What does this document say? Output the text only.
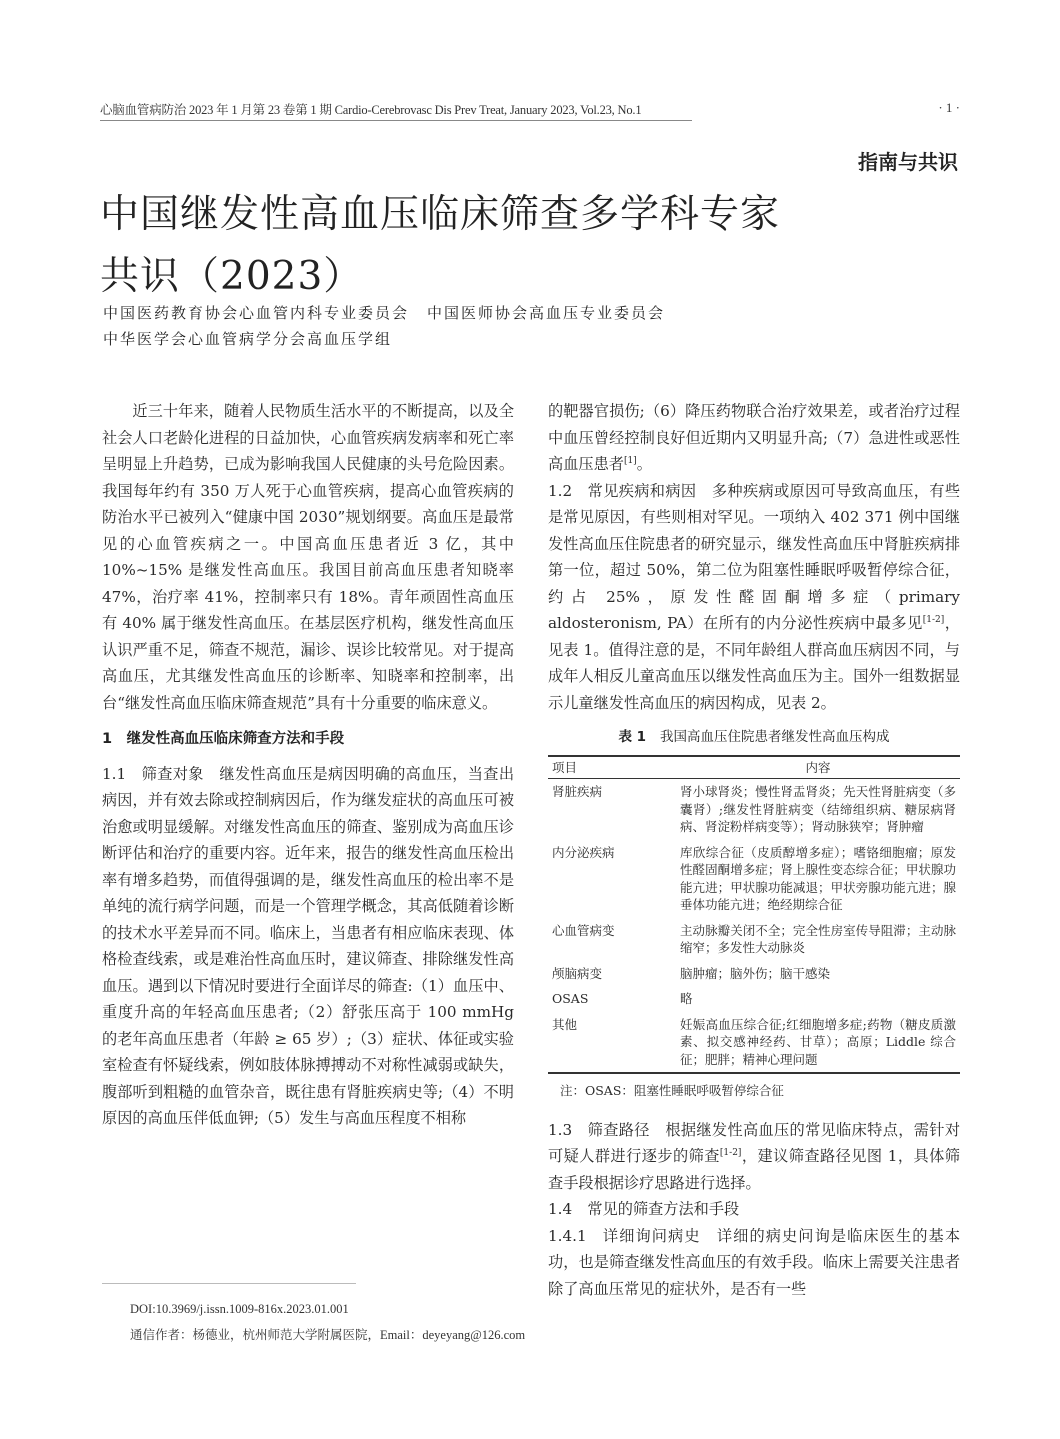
心脑血管病防治 2023 年 1 月第 23 卷第 1 期 Cardio-Cerebrovasc Dis Prev Treat, January 2023, Vol.23, No.1	· 1 ·
指南与共识
中国继发性高血压临床筛查多学科专家
共识（2023）
中国医药教育协会心血管内科专业委员会 中国医师协会高血压专业委员会
中华医学会心血管病学分会高血压学组

近三十年来，随着人民物质生活水平的不断提高，以及全社会人口老龄化进程的日益加快，心血管疾病发病率和死亡率呈明显上升趋势，已成为影响我国人民健康的头号危险因素。我国每年约有 350 万人死于心血管疾病，提高心血管疾病的防治水平已被列入“健康中国 2030”规划纲要。高血压是最常见的心血管疾病之一。中国高血压患者近 3 亿，其中 10%~15% 是继发性高血压。我国目前高血压患者知晓率 47%，治疗率 41%，控制率只有 18%。青年顽固性高血压有 40% 属于继发性高血压。在基层医疗机构，继发性高血压认识严重不足，筛查不规范，漏诊、误诊比较常见。对于提高高血压，尤其继发性高血压的诊断率、知晓率和控制率，出台“继发性高血压临床筛查规范”具有十分重要的临床意义。

1 继发性高血压临床筛查方法和手段

1.1 筛查对象　 继发性高血压是病因明确的高血压，当查出病因，并有效去除或控制病因后，作为继发症状的高血压可被治愈或明显缓解。对继发性高血压的筛查、鉴别成为高血压诊断评估和治疗的重要内容。近年来，报告的继发性高血压检出率有增多趋势，而值得强调的是，继发性高血压的检出率不是单纯的流行病学问题，而是一个管理学概念，其高低随着诊断的技术水平差异而不同。临床上，当患者有相应临床表现、体格检查线索，或是难治性高血压时，建议筛查、排除继发性高血压。遇到以下情况时要进行全面详尽的筛查:（1）血压中、重度升高的年轻高血压患者;（2）舒张压高于 100 mmHg 的老年高血压患者（年龄 ≥ 65 岁）;（3）症状、体征或实验室检查有怀疑线索，例如肢体脉搏搏动不对称性减弱或缺失，腹部听到粗糙的血管杂音，既往患有肾脏疾病史等;（4）不明原因的高血压伴低血钾;（5）发生与高血压程度不相称

DOI:10.3969/j.issn.1009-816x.2023.01.001
通信作者：杨德业，杭州师范大学附属医院，Email：deyeyang@126.com

的靶器官损伤;（6）降压药物联合治疗效果差，或者治疗过程中血压曾经控制良好但近期内又明显升高;（7）急进性或恶性高血压患者[1]。

1.2 常见疾病和病因　 多种疾病或原因可导致高血压，有些是常见原因，有些则相对罕见。一项纳入 402 371 例中国继发性高血压住院患者的研究显示，继发性高血压中肾脏疾病排第一位，超过 50%，第二位为阻塞性睡眠呼吸暂停综合征，约占 25%，原发性醛固酮增多症（primary aldosteronism, PA）在所有的内分泌性疾病中最多见[1-2]，见表 1。值得注意的是，不同年龄组人群高血压病因不同，与成年人相反儿童高血压以继发性高血压为主。国外一组数据显示儿童继发性高血压的病因构成，见表 2。

表 1 我国高血压住院患者继发性高血压构成

项目	内容
肾脏疾病	肾小球肾炎；慢性肾盂肾炎；先天性肾脏病变（多囊肾）;继发性肾脏病变（结缔组织病、糖尿病肾病、肾淀粉样病变等）；肾动脉狭窄；肾肿瘤
内分泌疾病	库欣综合征（皮质醇增多症）；嗜铬细胞瘤；原发性醛固酮增多症；肾上腺性变态综合征；甲状腺功能亢进；甲状腺功能减退；甲状旁腺功能亢进；腺垂体功能亢进；绝经期综合征
心血管病变	主动脉瓣关闭不全；完全性房室传导阻滞；主动脉缩窄；多发性大动脉炎
颅脑病变	脑肿瘤；脑外伤；脑干感染
OSAS	略
其他	妊娠高血压综合征;红细胞增多症;药物（糖皮质激素、拟交感神经药、甘草）；高原；Liddle 综合征；肥胖；精神心理问题

注：OSAS：阻塞性睡眠呼吸暂停综合征

1.3 筛查路径　 根据继发性高血压的常见临床特点，需针对可疑人群进行逐步的筛查[1-2]，建议筛查路径见图 1，具体筛查手段根据诊疗思路进行选择。

1.4 常见的筛查方法和手段

1.4.1 详细询问病史　 详细的病史问询是临床医生的基本功，也是筛查继发性高血压的有效手段。临床上需要关注患者除了高血压常见的症状外，是否有一些
